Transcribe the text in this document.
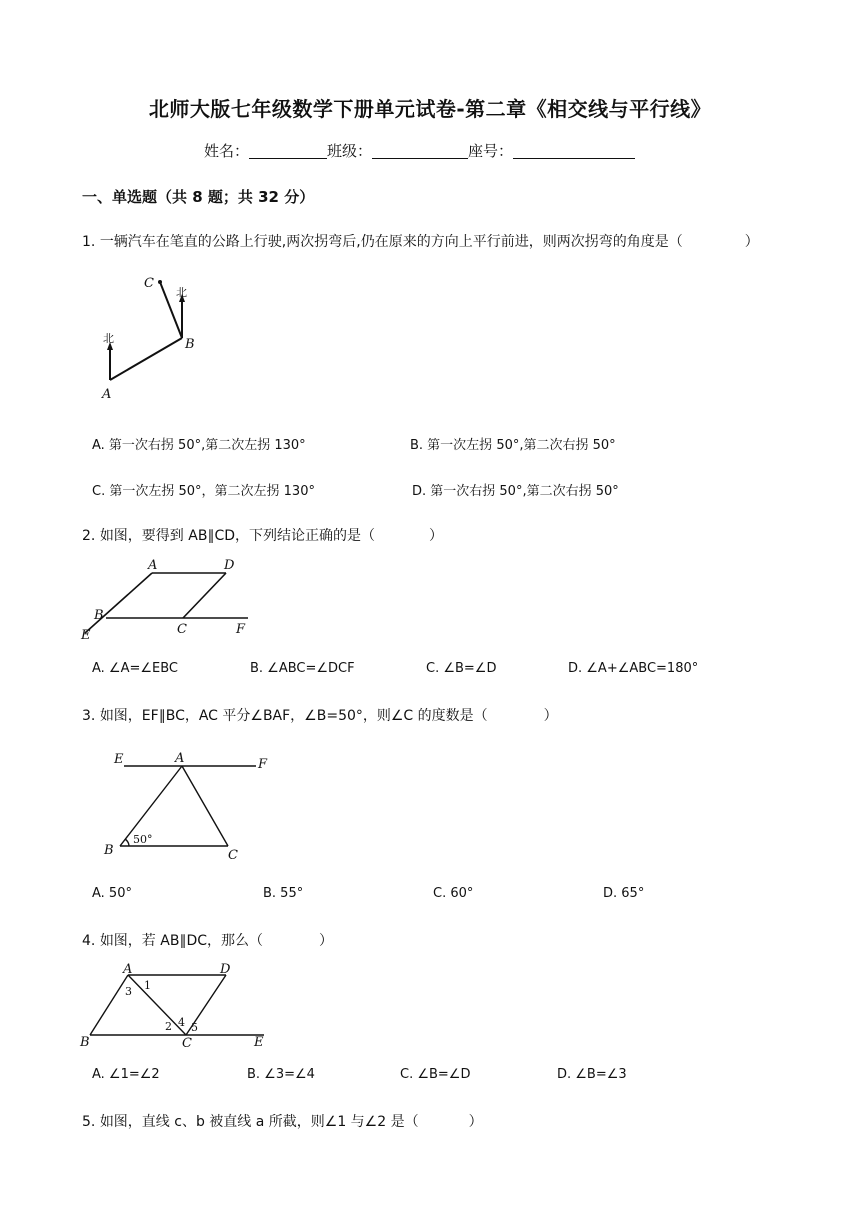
北师大版七年级数学下册单元试卷-第二章《相交线与平行线》
姓名：	班级：	座号：
一、单选题（共 8 题；共 32 分）
1. 一辆汽车在笔直的公路上行驶,两次拐弯后,仍在原来的方向上平行前进，则两次拐弯的角度是（	）
A
B
C
北
北
A. 第一次右拐 50°,第二次左拐 130°	B. 第一次左拐 50°,第二次右拐 50°
C. 第一次左拐 50°，第二次左拐 130°	D. 第一次右拐 50°,第二次右拐 50°
2. 如图，要得到 AB∥CD，下列结论正确的是（	）
A	D
B
C	F
E
A. ∠A=∠EBC	B. ∠ABC=∠DCF	C. ∠B=∠D	D. ∠A+∠ABC=180°
3. 如图，EF∥BC，AC 平分∠BAF，∠B=50°，则∠C 的度数是（	）
E	A	F
B	C
50°
A. 50°	B. 55°	C. 60°	D. 65°
4. 如图，若 AB∥DC，那么（	）
A	D
B	C	E
1
3
2 4 5
A. ∠1=∠2	B. ∠3=∠4	C. ∠B=∠D	D. ∠B=∠3
5. 如图，直线 c、b 被直线 a 所截，则∠1 与∠2 是（	）
